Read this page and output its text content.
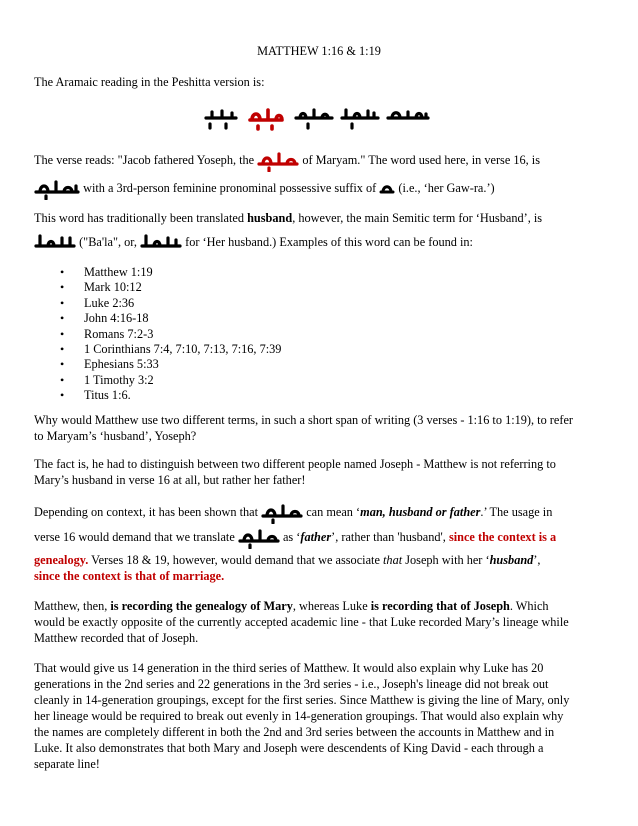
MATTHEW 1:16 & 1:19
The Aramaic reading in the Peshitta version is:
The verse reads: "Jacob fathered Yoseph, the	of Maryam." The word used here, in verse 16, is
with a 3rd-person feminine pronominal possessive suffix of (i.e., ‘her Gaw-ra.’)
This word has traditionally been translated husband, however, the main Semitic term for ‘Husband’, is
("Ba'la", or,	for ‘Her husband.) Examples of this word can be found in:
• Matthew 1:19
• Mark 10:12
• Luke 2:36
• John 4:16-18
• Romans 7:2-3
• 1 Corinthians 7:4, 7:10, 7:13, 7:16, 7:39
• Ephesians 5:33
• 1 Timothy 3:2
• Titus 1:6.
Why would Matthew use two different terms, in such a short span of writing (3 verses - 1:16 to 1:19), to refer
to Maryam’s ‘husband’, Yoseph?
The fact is, he had to distinguish between two different people named Joseph - Matthew is not referring to
Mary’s husband in verse 16 at all, but rather her father!
Depending on context, it has been shown that	can mean ‘man, husband or father.’ The usage in
verse 16 would demand that we translate	as ‘father’, rather than 'husband', since the context is a
genealogy. Verses 18 & 19, however, would demand that we associate that Joseph with her ‘husband’,
since the context is that of marriage.
Matthew, then, is recording the genealogy of Mary, whereas Luke is recording that of Joseph. Which
would be exactly opposite of the currently accepted academic line - that Luke recorded Mary’s lineage while
Matthew recorded that of Joseph.
That would give us 14 generation in the third series of Matthew. It would also explain why Luke has 20
generations in the 2nd series and 22 generations in the 3rd series - i.e., Joseph's lineage did not break out
cleanly in 14-generation groupings, except for the first series. Since Matthew is giving the line of Mary, only
her lineage would be required to break out evenly in 14-generation groupings. That would also explain why
the names are completely different in both the 2nd and 3rd series between the accounts in Matthew and in
Luke. It also demonstrates that both Mary and Joseph were descendents of King David - each through a
separate line!
